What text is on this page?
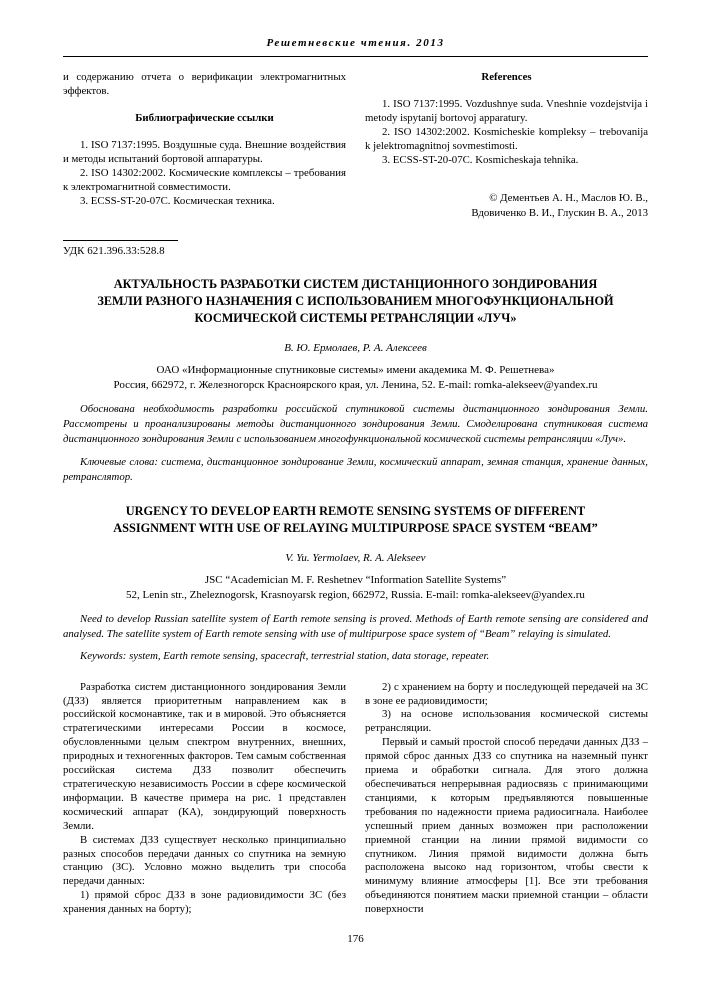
Решетневские чтения. 2013

и содержанию отчета о верификации электромагнитных эффектов.

Библиографические ссылки

1. ISO 7137:1995. Воздушные суда. Внешние воздействия и методы испытаний бортовой аппаратуры.

2. ISO 14302:2002. Космические комплексы – требования к электромагнитной совместимости.

3. ECSS-ST-20-07C. Космическая техника.

References

1. ISO 7137:1995. Vozdushnye suda. Vneshnie vozdejstvija i metody ispytanij bortovoj apparatury.

2. ISO 14302:2002. Kosmicheskie kompleksy – trebovanija k jelektromagnitnoj sovmestimosti.

3. ECSS-ST-20-07C. Kosmicheskaja tehnika.

© Дементьев А. Н., Маслов Ю. В.,
Вдовиченко В. И., Глускин В. А., 2013
УДК 621.396.33:528.8
АКТУАЛЬНОСТЬ РАЗРАБОТКИ СИСТЕМ ДИСТАНЦИОННОГО ЗОНДИРОВАНИЯ
ЗЕМЛИ РАЗНОГО НАЗНАЧЕНИЯ С ИСПОЛЬЗОВАНИЕМ МНОГОФУНКЦИОНАЛЬНОЙ
КОСМИЧЕСКОЙ СИСТЕМЫ РЕТРАНСЛЯЦИИ «ЛУЧ»
В. Ю. Ермолаев, Р. А. Алексеев
ОАО «Информационные спутниковые системы» имени академика М. Ф. Решетнева»
Россия, 662972, г. Железногорск Красноярского края, ул. Ленина, 52. E-mail: romka-alekseev@yandex.ru

Обоснована необходимость разработки российской спутниковой системы дистанционного зондирования Земли. Рассмотрены и проанализированы методы дистанционного зондирования Земли. Смоделирована спутниковая система дистанционного зондирования Земли с использованием многофункциональной космической системы ретрансляции «Луч».

Ключевые слова: система, дистанционное зондирование Земли, космический аппарат, земная станция, хранение данных, ретранслятор.

URGENCY TO DEVELOP EARTH REMOTE SENSING SYSTEMS OF DIFFERENT
ASSIGNMENT WITH USE OF RELAYING MULTIPURPOSE SPACE SYSTEM “BEAM”
V. Yu. Yermolaev, R. A. Alekseev
JSC “Academician M. F. Reshetnev “Information Satellite Systems”
52, Lenin str., Zheleznogorsk, Krasnoyarsk region, 662972, Russia. E-mail: romka-alekseev@yandex.ru

Need to develop Russian satellite system of Earth remote sensing is proved. Methods of Earth remote sensing are considered and analysed. The satellite system of Earth remote sensing with use of multipurpose space system of “Beam” relaying is simulated.

Keywords: system, Earth remote sensing, spacecraft, terrestrial station, data storage, repeater.

Разработка систем дистанционного зондирования Земли (ДЗЗ) является приоритетным направлением как в российской космонавтике, так и в мировой. Это объясняется стратегическими интересами России в космосе, обусловленными целым спектром внутренних, внешних, природных и техногенных факторов. Тем самым собственная российская система ДЗЗ позволит обеспечить стратегическую независимость России в сфере космической информации. В качестве примера на рис. 1 представлен космический аппарат (КА), зондирующий поверхность Земли.

В системах ДЗЗ существует несколько принципиально разных способов передачи данных со спутника на земную станцию (ЗС). Условно можно выделить три способа передачи данных:

1) прямой сброс ДЗЗ в зоне радиовидимости ЗС (без хранения данных на борту);

2) с хранением на борту и последующей передачей на ЗС в зоне ее радиовидимости;

3) на основе использования космической системы ретрансляции.

Первый и самый простой способ передачи данных ДЗЗ – прямой сброс данных ДЗЗ со спутника на наземный пункт приема и обработки сигнала. Для этого должна обеспечиваться непрерывная радиосвязь с принимающими станциями, к которым предъявляются повышенные требования по надежности приема радиосигнала. Наиболее успешный прием данных возможен при расположении приемной станции на линии прямой видимости со спутником. Линия прямой видимости должна быть расположена высоко над горизонтом, чтобы свести к минимуму влияние атмосферы [1]. Все эти требования объединяются понятием маски приемной станции – области поверхности

176
